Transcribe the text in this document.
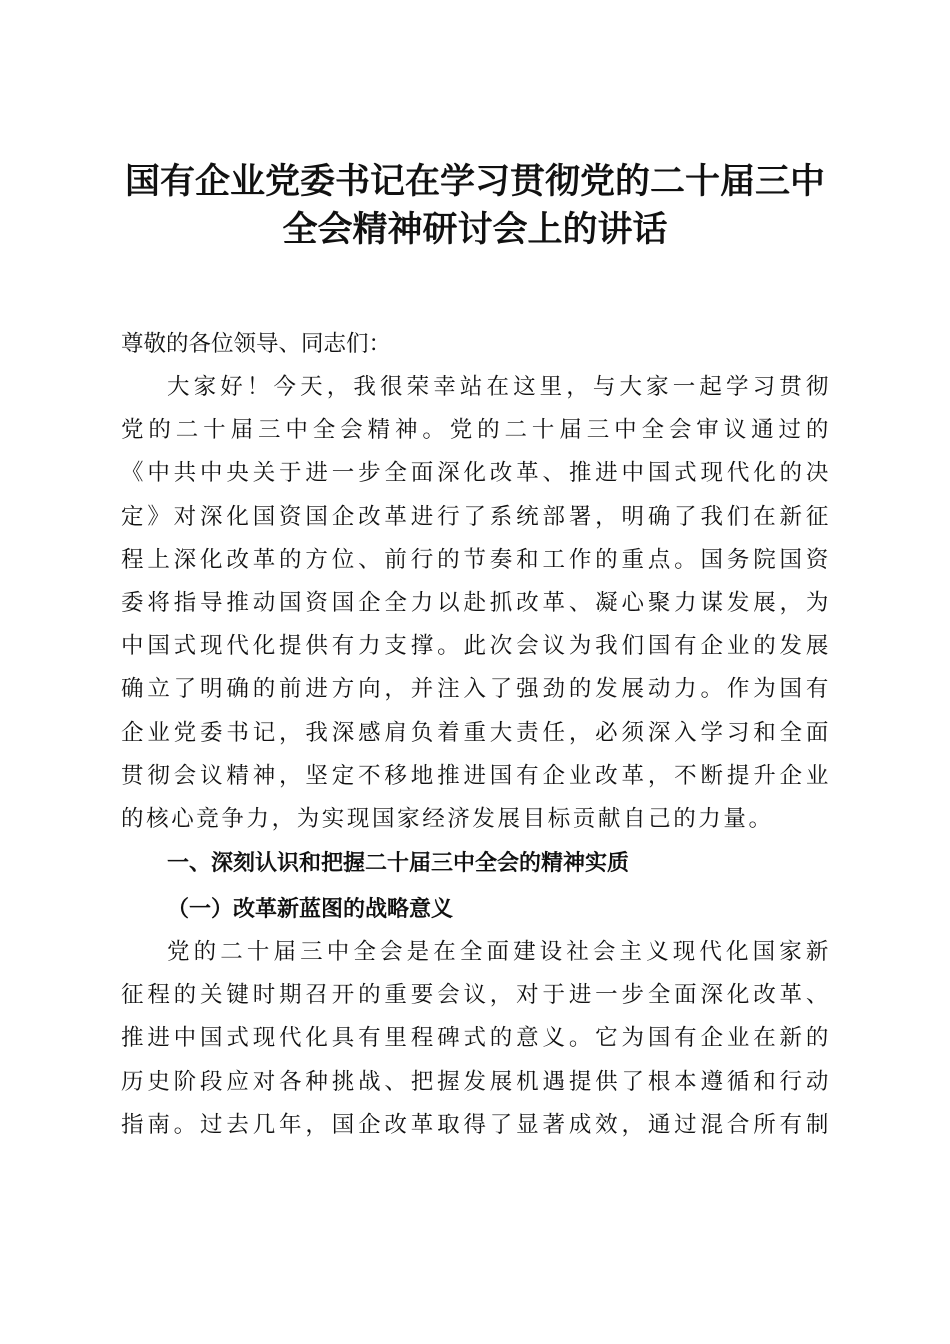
国有企业党委书记在学习贯彻党的二十届三中
全会精神研讨会上的讲话
尊敬的各位领导、同志们：
大家好！今天，我很荣幸站在这里，与大家一起学习贯彻
党的二十届三中全会精神。党的二十届三中全会审议通过的
《中共中央关于进一步全面深化改革、推进中国式现代化的决
定》对深化国资国企改革进行了系统部署，明确了我们在新征
程上深化改革的方位、前行的节奏和工作的重点。国务院国资
委将指导推动国资国企全力以赴抓改革、凝心聚力谋发展，为
中国式现代化提供有力支撑。此次会议为我们国有企业的发展
确立了明确的前进方向，并注入了强劲的发展动力。作为国有
企业党委书记，我深感肩负着重大责任，必须深入学习和全面
贯彻会议精神，坚定不移地推进国有企业改革，不断提升企业
的核心竞争力，为实现国家经济发展目标贡献自己的力量。
一、深刻认识和把握二十届三中全会的精神实质
（一）改革新蓝图的战略意义
党的二十届三中全会是在全面建设社会主义现代化国家新
征程的关键时期召开的重要会议，对于进一步全面深化改革、
推进中国式现代化具有里程碑式的意义。它为国有企业在新的
历史阶段应对各种挑战、把握发展机遇提供了根本遵循和行动
指南。过去几年，国企改革取得了显著成效，通过混合所有制
